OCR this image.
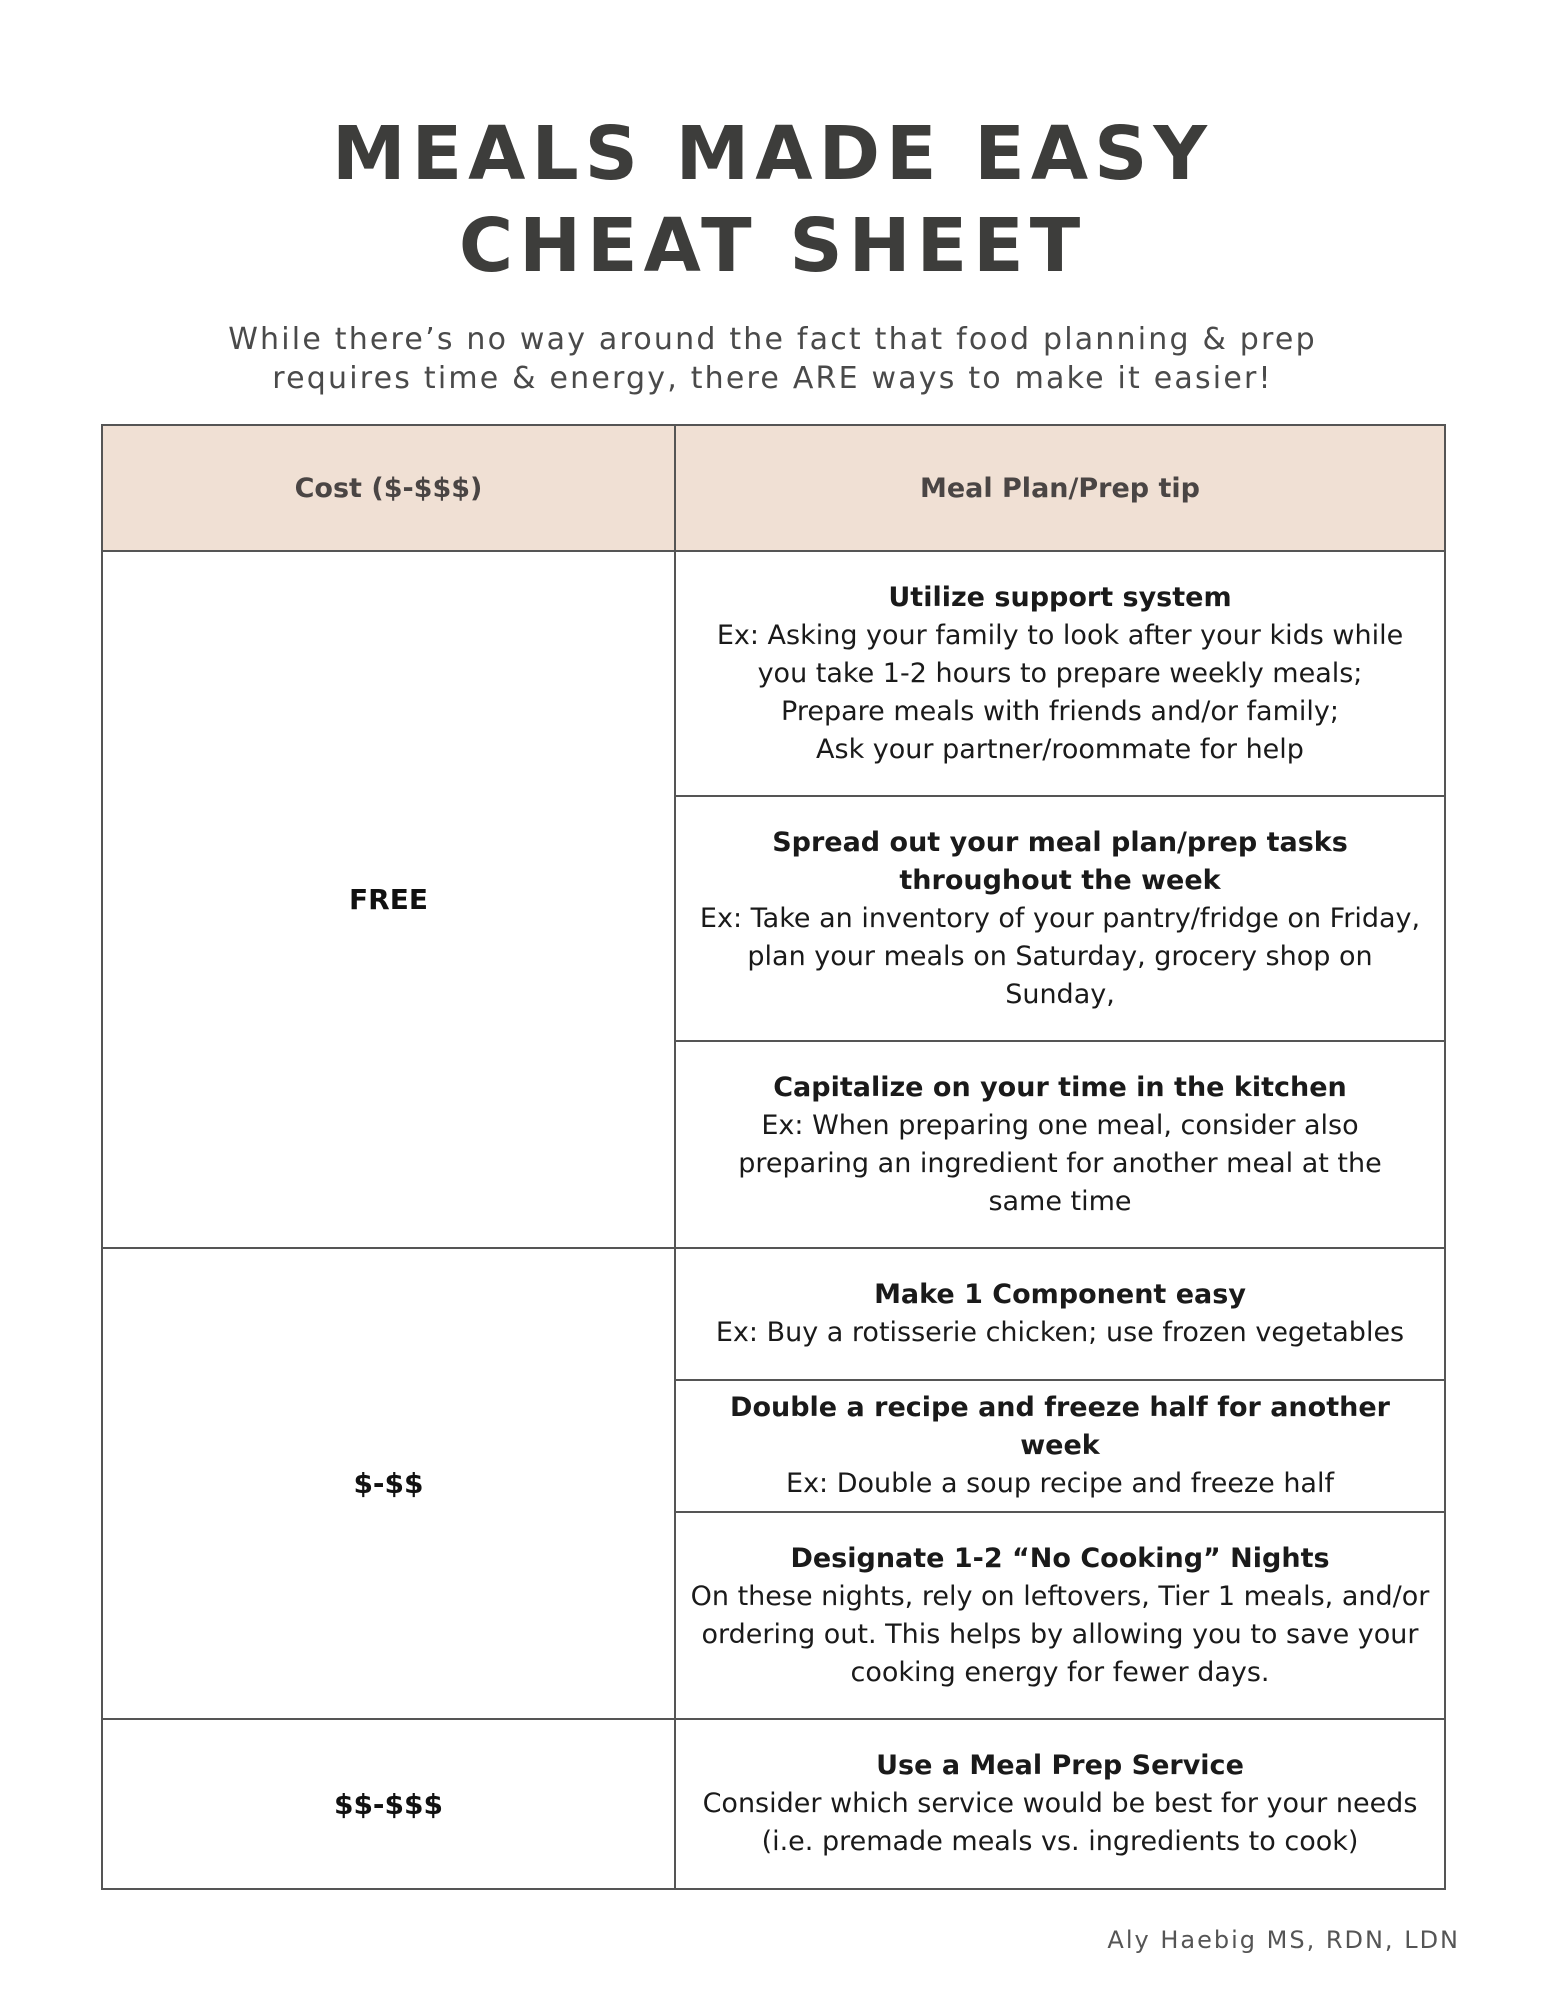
MEALS MADE EASY
CHEAT SHEET
While there’s no way around the fact that food planning & prep
requires time & energy, there ARE ways to make it easier!
Cost ($-$$$)	Meal Plan/Prep tip
FREE	Utilize support system
Ex: Asking your family to look after your kids while
you take 1-2 hours to prepare weekly meals;
Prepare meals with friends and/or family;
Ask your partner/roommate for help

	Spread out your meal plan/prep tasks
throughout the week
Ex: Take an inventory of your pantry/fridge on Friday,
plan your meals on Saturday, grocery shop on
Sunday,

	Capitalize on your time in the kitchen
Ex: When preparing one meal, consider also
preparing an ingredient for another meal at the
same time

$-$$	Make 1 Component easy
Ex: Buy a rotisserie chicken; use frozen vegetables

	Double a recipe and freeze half for another week
Ex: Double a soup recipe and freeze half

	Designate 1-2 “No Cooking” Nights
On these nights, rely on leftovers, Tier 1 meals, and/or
ordering out. This helps by allowing you to save your
cooking energy for fewer days.

$$-$$$	Use a Meal Prep Service
Consider which service would be best for your needs
(i.e. premade meals vs. ingredients to cook)
Aly Haebig MS, RDN, LDN
